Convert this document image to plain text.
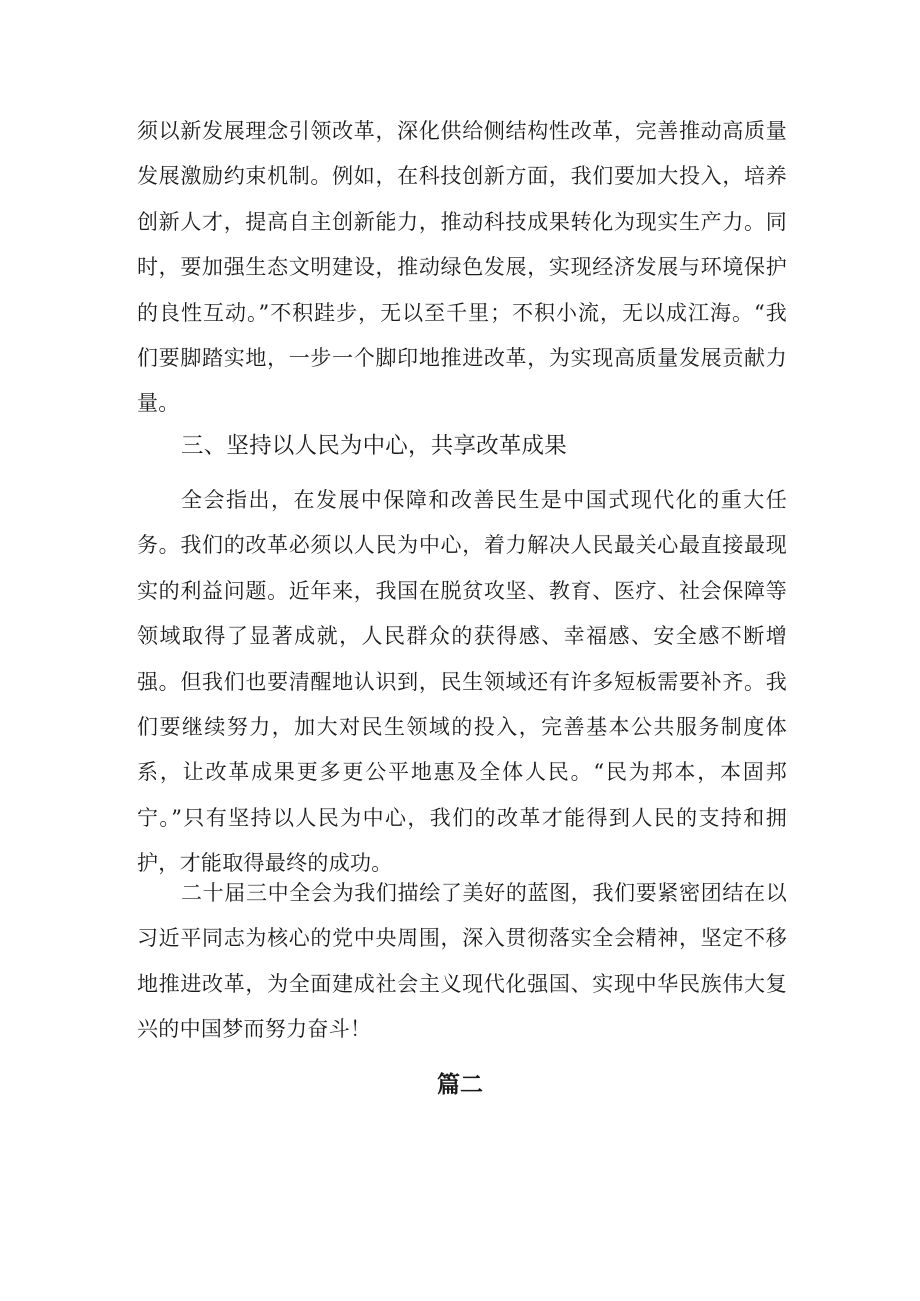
须以新发展理念引领改革，深化供给侧结构性改革，完善推动高质量发展激励约束机制。例如，在科技创新方面，我们要加大投入，培养创新人才，提高自主创新能力，推动科技成果转化为现实生产力。同时，要加强生态文明建设，推动绿色发展，实现经济发展与环境保护的良性互动。”不积跬步，无以至千里；不积小流，无以成江海。“我们要脚踏实地，一步一个脚印地推进改革，为实现高质量发展贡献力量。

三、坚持以人民为中心，共享改革成果

全会指出，在发展中保障和改善民生是中国式现代化的重大任务。我们的改革必须以人民为中心，着力解决人民最关心最直接最现实的利益问题。近年来，我国在脱贫攻坚、教育、医疗、社会保障等领域取得了显著成就，人民群众的获得感、幸福感、安全感不断增强。但我们也要清醒地认识到，民生领域还有许多短板需要补齐。我们要继续努力，加大对民生领域的投入，完善基本公共服务制度体系，让改革成果更多更公平地惠及全体人民。“民为邦本，本固邦宁。”只有坚持以人民为中心，我们的改革才能得到人民的支持和拥护，才能取得最终的成功。

二十届三中全会为我们描绘了美好的蓝图，我们要紧密团结在以习近平同志为核心的党中央周围，深入贯彻落实全会精神，坚定不移地推进改革，为全面建成社会主义现代化强国、实现中华民族伟大复兴的中国梦而努力奋斗！

篇二
